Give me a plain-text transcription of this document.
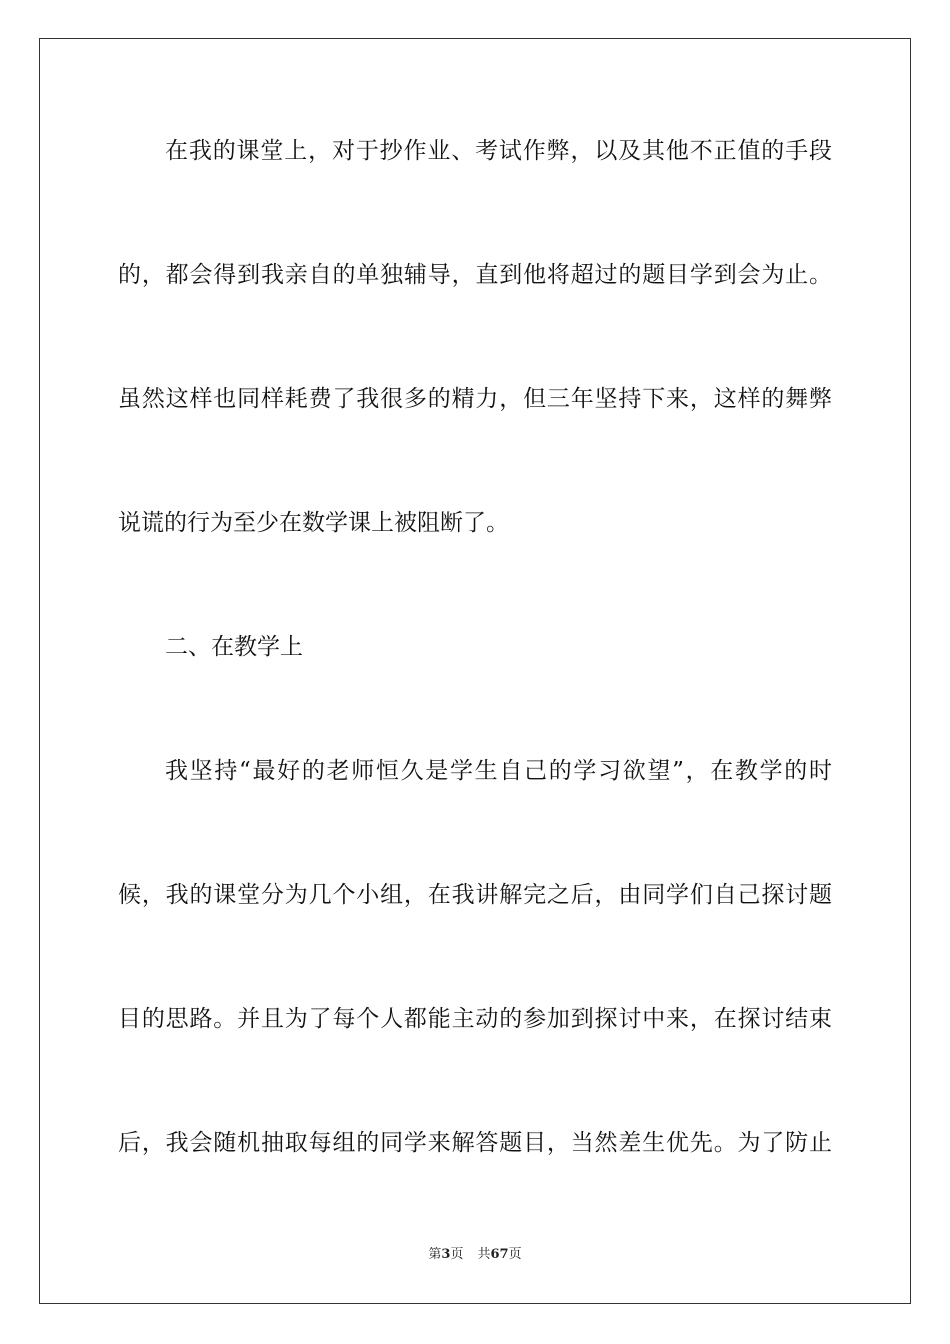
在我的课堂上，对于抄作业、考试作弊，以及其他不正值的手段
的，都会得到我亲自的单独辅导，直到他将超过的题目学到会为止。
虽然这样也同样耗费了我很多的精力，但三年坚持下来，这样的舞弊
说谎的行为至少在数学课上被阻断了。
二、在教学上
我坚持“最好的老师恒久是学生自己的学习欲望”，在教学的时
候，我的课堂分为几个小组，在我讲解完之后，由同学们自己探讨题
目的思路。并且为了每个人都能主动的参加到探讨中来，在探讨结束
后，我会随机抽取每组的同学来解答题目，当然差生优先。为了防止
第3页 共67页
